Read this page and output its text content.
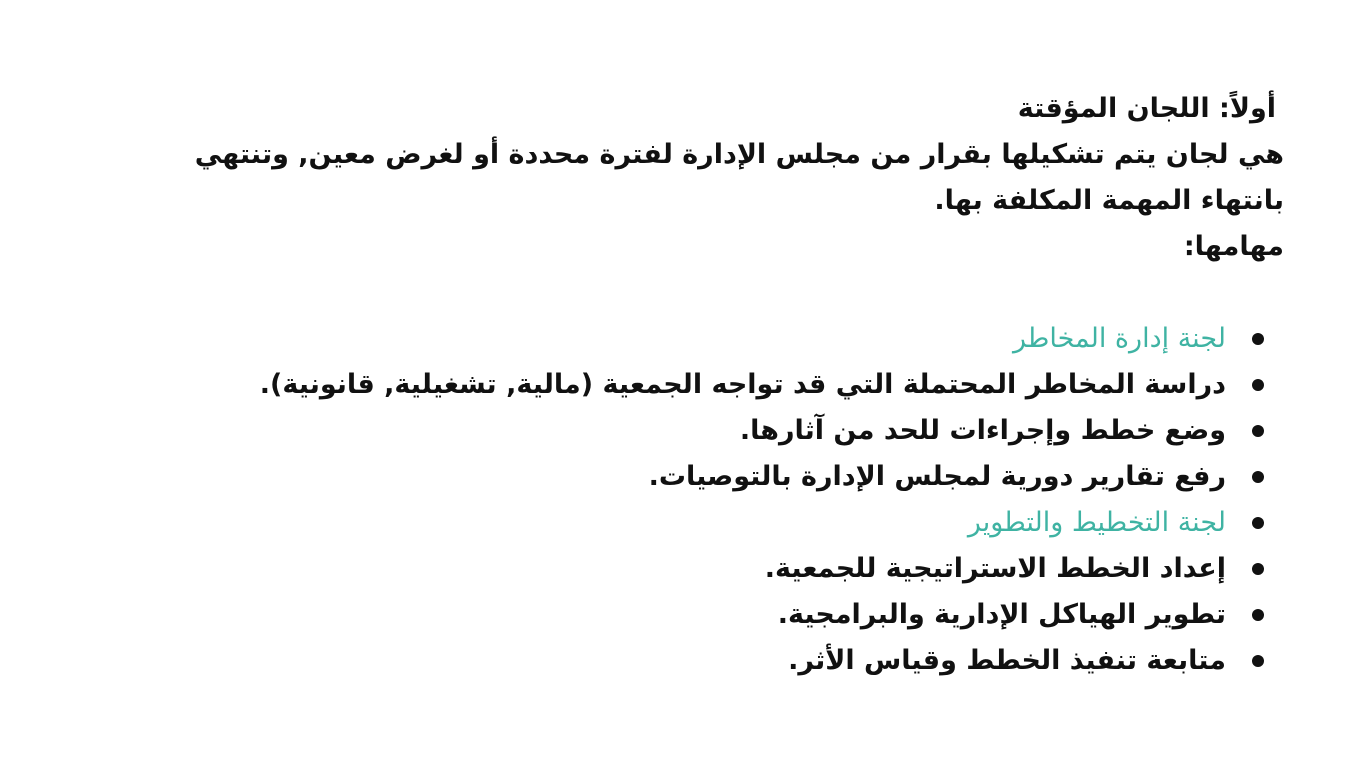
أولاً: اللجان المؤقتة

هي لجان يتم تشكيلها بقرار من مجلس الإدارة لفترة محددة أو لغرض معين, وتنتهي

بانتهاء المهمة المكلفة بها.

مهامها:

لجنة إدارة المخاطر
دراسة المخاطر المحتملة التي قد تواجه الجمعية (مالية, تشغيلية, قانونية).
وضع خطط وإجراءات للحد من آثارها.
رفع تقارير دورية لمجلس الإدارة بالتوصيات.
لجنة التخطيط والتطوير
إعداد الخطط الاستراتيجية للجمعية.
تطوير الهياكل الإدارية والبرامجية.
متابعة تنفيذ الخطط وقياس الأثر.
